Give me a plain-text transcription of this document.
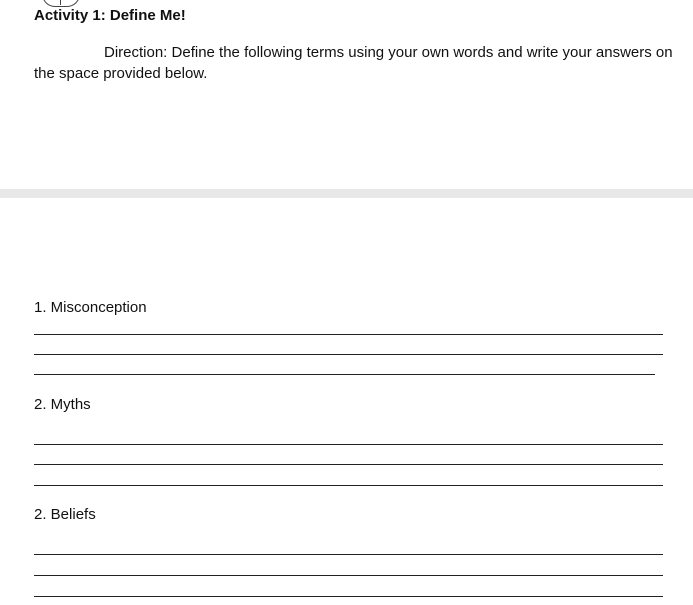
Activity 1: Define Me!
Direction: Define the following terms using your own words and write your answers on the space provided below.
1. Misconception
2. Myths
2. Beliefs
